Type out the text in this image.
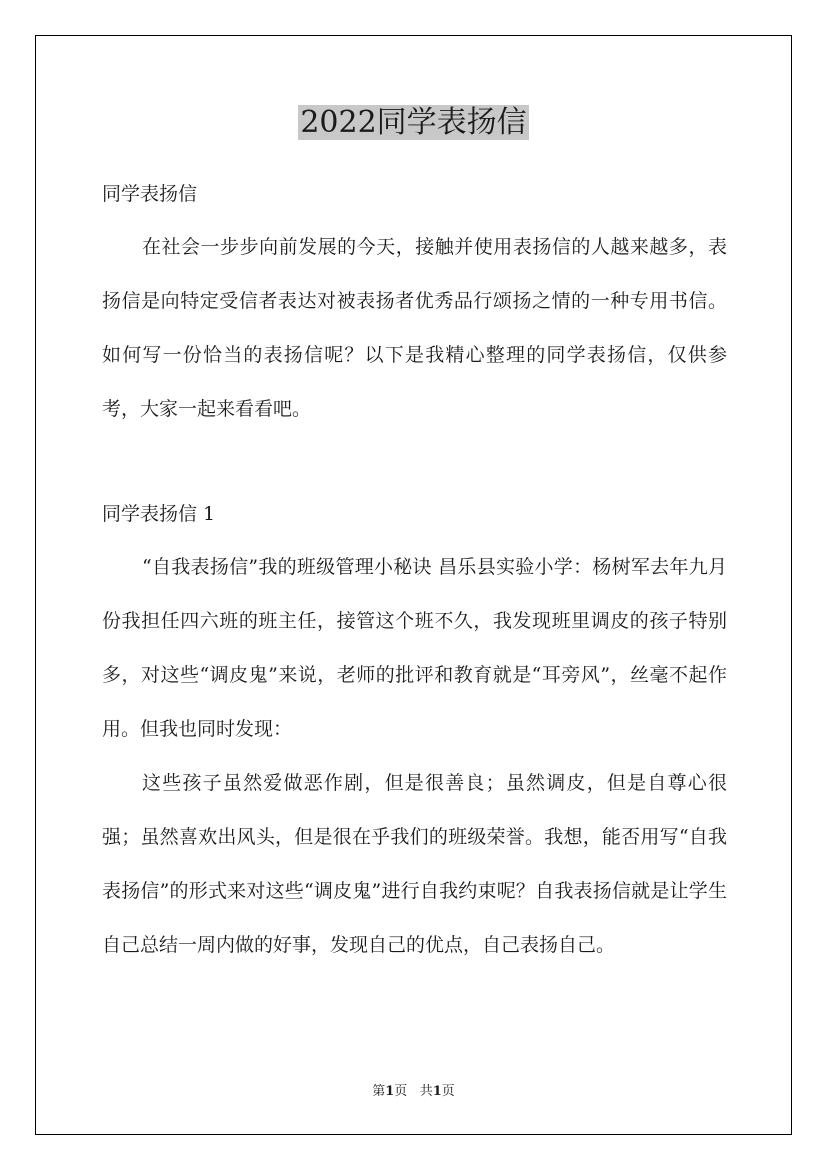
2022同学表扬信

同学表扬信

在社会一步步向前发展的今天，接触并使用表扬信的人越来越多，表扬信是向特定受信者表达对被表扬者优秀品行颂扬之情的一种专用书信。如何写一份恰当的表扬信呢？以下是我精心整理的同学表扬信，仅供参考，大家一起来看看吧。

同学表扬信 1

“自我表扬信”我的班级管理小秘诀 昌乐县实验小学：杨树军去年九月份我担任四六班的班主任，接管这个班不久，我发现班里调皮的孩子特别多，对这些“调皮鬼”来说，老师的批评和教育就是“耳旁风”，丝毫不起作用。但我也同时发现：

这些孩子虽然爱做恶作剧，但是很善良；虽然调皮，但是自尊心很强；虽然喜欢出风头，但是很在乎我们的班级荣誉。我想，能否用写“自我表扬信”的形式来对这些“调皮鬼”进行自我约束呢？自我表扬信就是让学生自己总结一周内做的好事，发现自己的优点，自己表扬自己。

第1页 共1页
